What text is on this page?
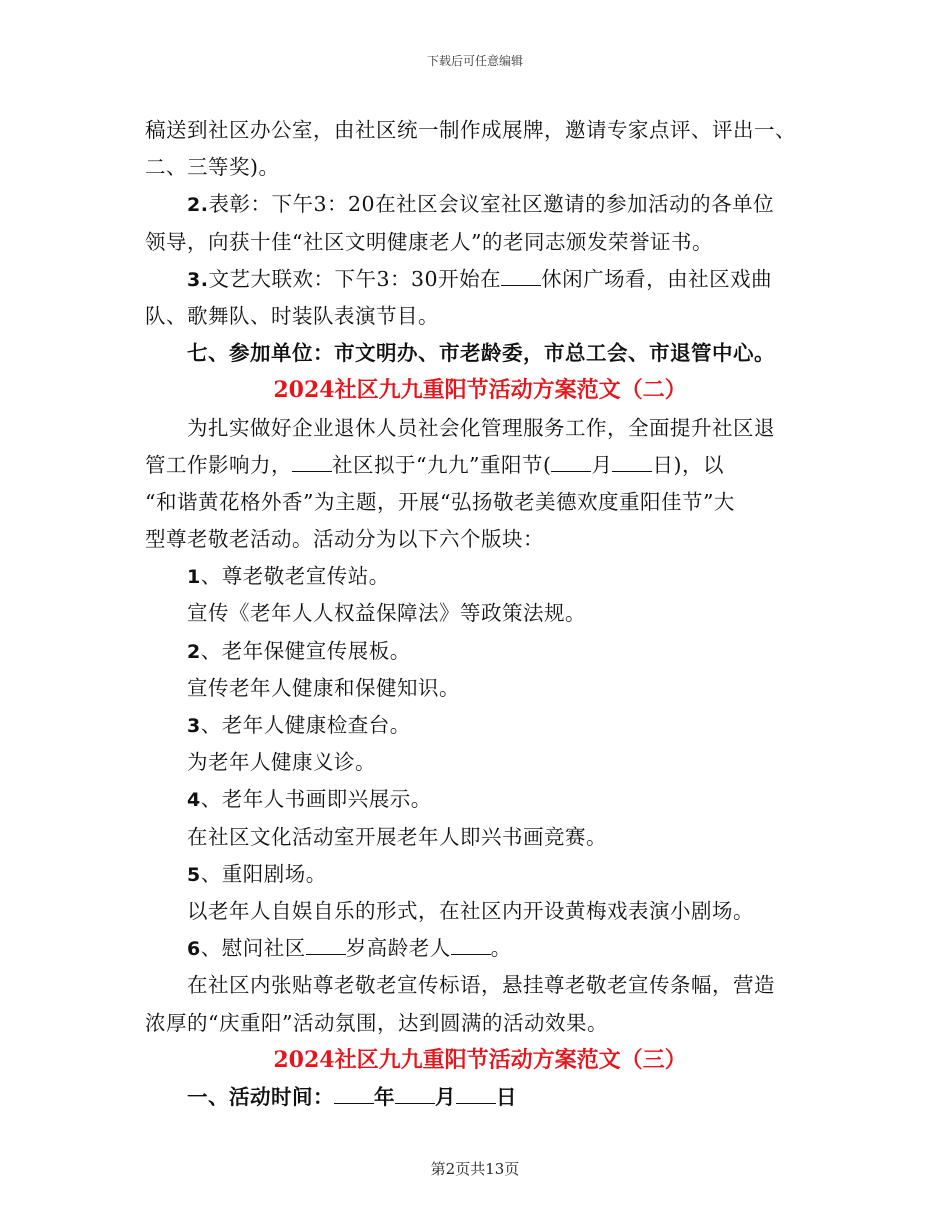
下载后可任意编辑
稿送到社区办公室，由社区统一制作成展牌，邀请专家点评、评出一、
二、三等奖)。
2.表彰：下午3：20在社区会议室社区邀请的参加活动的各单位
领导，向获十佳“社区文明健康老人”的老同志颁发荣誉证书。
3.文艺大联欢：下午3：30开始在 休闲广场看，由社区戏曲
队、歌舞队、时装队表演节目。
七、参加单位：市文明办、市老龄委，市总工会、市退管中心。
2024社区九九重阳节活动方案范文（二）
为扎实做好企业退休人员社会化管理服务工作，全面提升社区退
管工作影响力， 社区拟于“九九”重阳节( 月 日)，以
“和谐黄花格外香”为主题，开展“弘扬敬老美德欢度重阳佳节”大
型尊老敬老活动。活动分为以下六个版块：
1、尊老敬老宣传站。
宣传《老年人人权益保障法》等政策法规。
2、老年保健宣传展板。
宣传老年人健康和保健知识。
3、老年人健康检查台。
为老年人健康义诊。
4、老年人书画即兴展示。
在社区文化活动室开展老年人即兴书画竞赛。
5、重阳剧场。
以老年人自娱自乐的形式，在社区内开设黄梅戏表演小剧场。
6、慰问社区 岁高龄老人 。
在社区内张贴尊老敬老宣传标语，悬挂尊老敬老宣传条幅，营造
浓厚的“庆重阳”活动氛围，达到圆满的活动效果。
2024社区九九重阳节活动方案范文（三）
一、活动时间： 年 月 日
第2页共13页
